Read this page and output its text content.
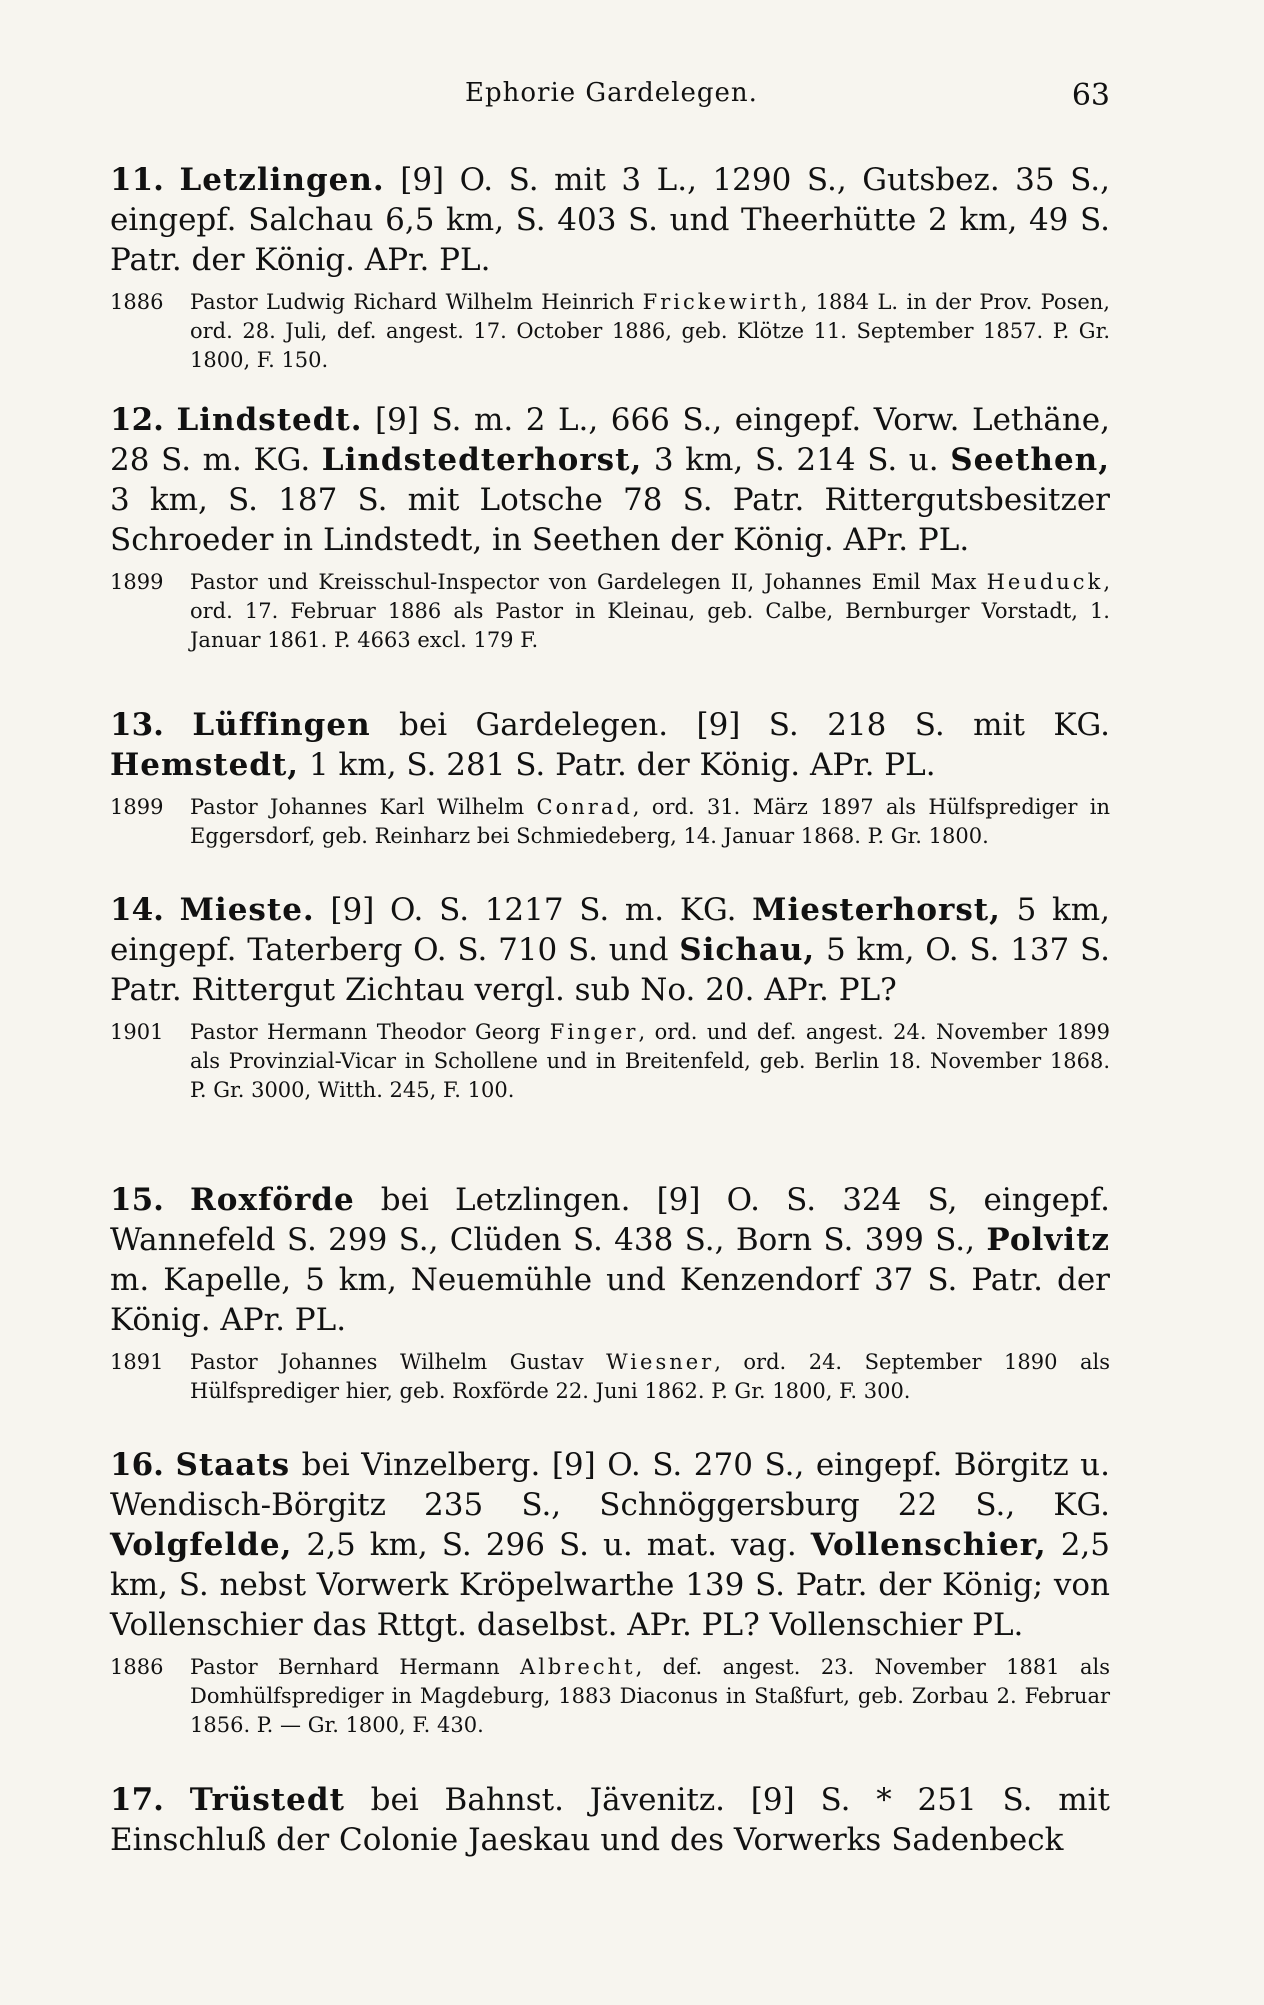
Ephorie Gardelegen.	63

11. Letzlingen. [9] O. S. mit 3 L., 1290 S., Gutsbez. 35 S., eingepf. Salchau 6,5 km, S. 403 S. und Theerhütte 2 km, 49 S. Patr. der König. APr. PL.

1886	Pastor Ludwig Richard Wilhelm Heinrich Frickewirth, 1884 L. in der Prov. Posen, ord. 28. Juli, def. angest. 17. October 1886, geb. Klötze 11. September 1857. P. Gr. 1800, F. 150.

12. Lindstedt. [9] S. m. 2 L., 666 S., eingepf. Vorw. Lethäne, 28 S. m. KG. Lindstedterhorst, 3 km, S. 214 S. u. Seethen, 3 km, S. 187 S. mit Lotsche 78 S. Patr. Rittergutsbesitzer Schroeder in Lindstedt, in Seethen der König. APr. PL.

1899	Pastor und Kreisschul-Inspector von Gardelegen II, Johannes Emil Max Heuduck, ord. 17. Februar 1886 als Pastor in Kleinau, geb. Calbe, Bernburger Vorstadt, 1. Januar 1861. P. 4663 excl. 179 F.

13. Lüffingen bei Gardelegen. [9] S. 218 S. mit KG. Hemstedt, 1 km, S. 281 S. Patr. der König. APr. PL.

1899	Pastor Johannes Karl Wilhelm Conrad, ord. 31. März 1897 als Hülfsprediger in Eggersdorf, geb. Reinharz bei Schmiedeberg, 14. Januar 1868. P. Gr. 1800.

14. Mieste. [9] O. S. 1217 S. m. KG. Miesterhorst, 5 km, eingepf. Taterberg O. S. 710 S. und Sichau, 5 km, O. S. 137 S. Patr. Rittergut Zichtau vergl. sub No. 20. APr. PL?

1901	Pastor Hermann Theodor Georg Finger, ord. und def. angest. 24. November 1899 als Provinzial-Vicar in Schollene und in Breitenfeld, geb. Berlin 18. November 1868. P. Gr. 3000, Witth. 245, F. 100.

15. Roxförde bei Letzlingen. [9] O. S. 324 S, eingepf. Wannefeld S. 299 S., Clüden S. 438 S., Born S. 399 S., Polvitz m. Kapelle, 5 km, Neuemühle und Kenzendorf 37 S. Patr. der König. APr. PL.

1891	Pastor Johannes Wilhelm Gustav Wiesner, ord. 24. September 1890 als Hülfsprediger hier, geb. Roxförde 22. Juni 1862. P. Gr. 1800, F. 300.

16. Staats bei Vinzelberg. [9] O. S. 270 S., eingepf. Börgitz u. Wendisch-Börgitz 235 S., Schnöggersburg 22 S., KG. Volgfelde, 2,5 km, S. 296 S. u. mat. vag. Vollenschier, 2,5 km, S. nebst Vorwerk Kröpelwarthe 139 S. Patr. der König; von Vollenschier das Rttgt. daselbst. APr. PL? Vollenschier PL.

1886	Pastor Bernhard Hermann Albrecht, def. angest. 23. November 1881 als Domhülfsprediger in Magdeburg, 1883 Diaconus in Staßfurt, geb. Zorbau 2. Februar 1856. P. — Gr. 1800, F. 430.

17. Trüstedt bei Bahnst. Jävenitz. [9] S. * 251 S. mit Einschluß der Colonie Jaeskau und des Vorwerks Sadenbeck
